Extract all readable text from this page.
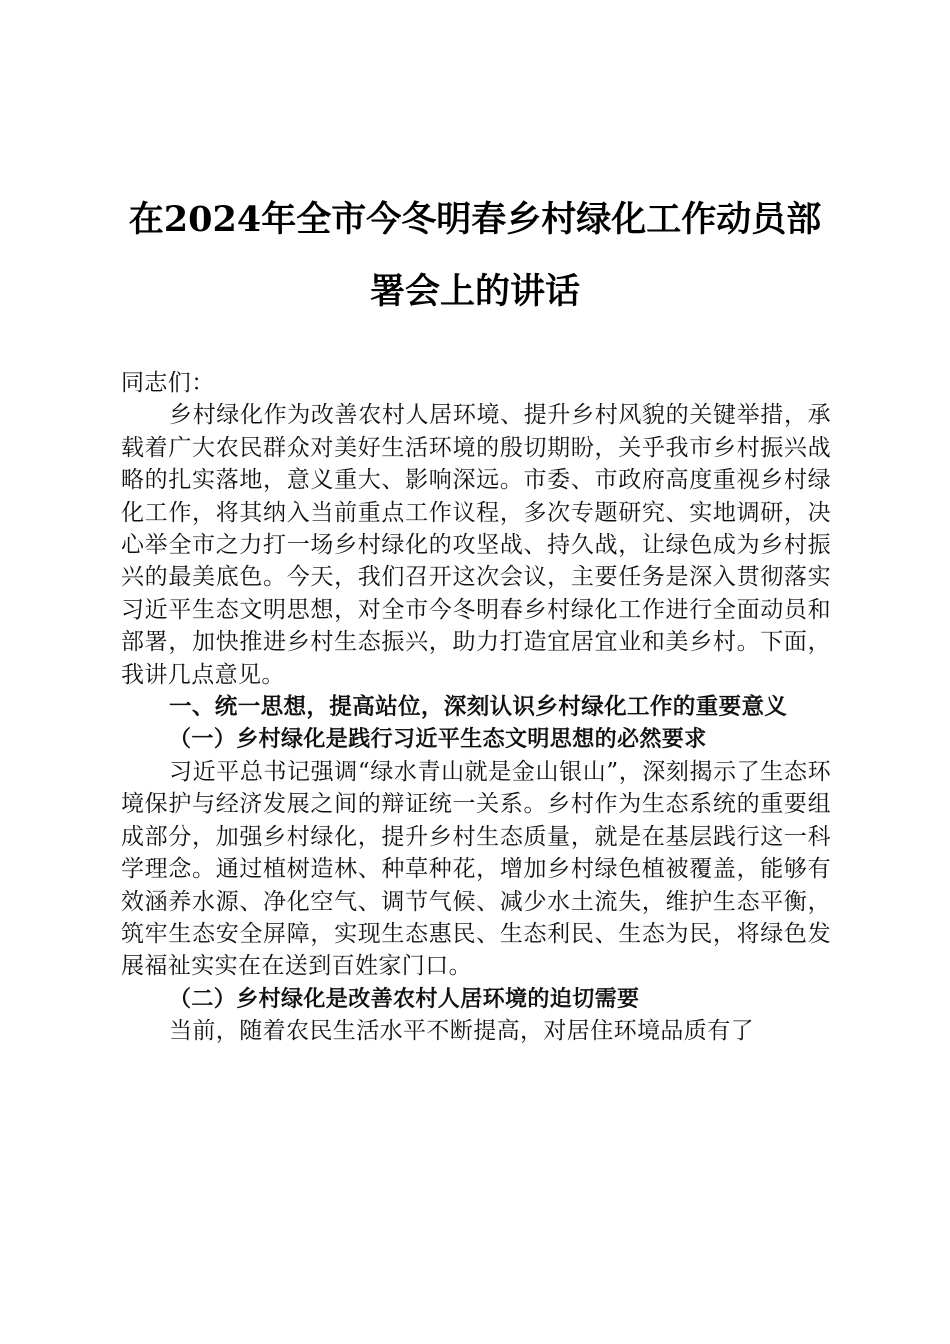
在2024年全市今冬明春乡村绿化工作动员部
署会上的讲话

同志们：

乡村绿化作为改善农村人居环境、提升乡村风貌的关键举措，承载着广大农民群众对美好生活环境的殷切期盼，关乎我市乡村振兴战略的扎实落地，意义重大、影响深远。市委、市政府高度重视乡村绿化工作，将其纳入当前重点工作议程，多次专题研究、实地调研，决心举全市之力打一场乡村绿化的攻坚战、持久战，让绿色成为乡村振兴的最美底色。今天，我们召开这次会议，主要任务是深入贯彻落实习近平生态文明思想，对全市今冬明春乡村绿化工作进行全面动员和部署，加快推进乡村生态振兴，助力打造宜居宜业和美乡村。下面，我讲几点意见。

一、统一思想，提高站位，深刻认识乡村绿化工作的重要意义

（一）乡村绿化是践行习近平生态文明思想的必然要求

习近平总书记强调“绿水青山就是金山银山”，深刻揭示了生态环境保护与经济发展之间的辩证统一关系。乡村作为生态系统的重要组成部分，加强乡村绿化，提升乡村生态质量，就是在基层践行这一科学理念。通过植树造林、种草种花，增加乡村绿色植被覆盖，能够有效涵养水源、净化空气、调节气候、减少水土流失，维护生态平衡，筑牢生态安全屏障，实现生态惠民、生态利民、生态为民，将绿色发展福祉实实在在送到百姓家门口。

（二）乡村绿化是改善农村人居环境的迫切需要

当前，随着农民生活水平不断提高，对居住环境品质有了
